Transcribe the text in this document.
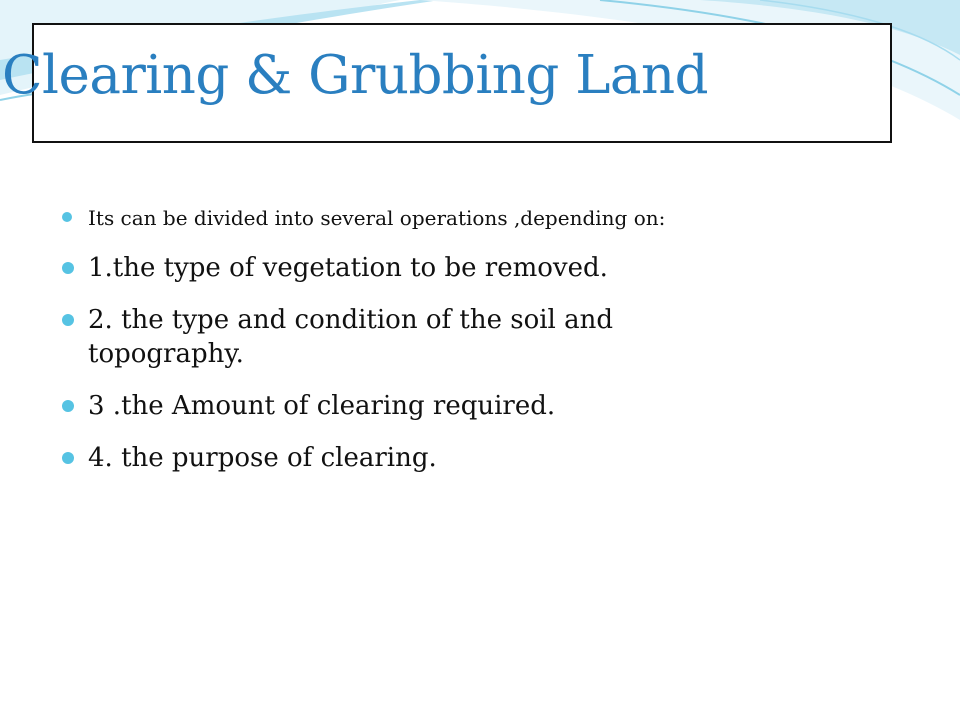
Clearing & Grubbing Land
Its can be divided into several operations ,depending on:
1.the type of vegetation to be removed.
2. the type and condition of the soil and topography.
3 .the Amount of clearing required.
4. the purpose of clearing.
